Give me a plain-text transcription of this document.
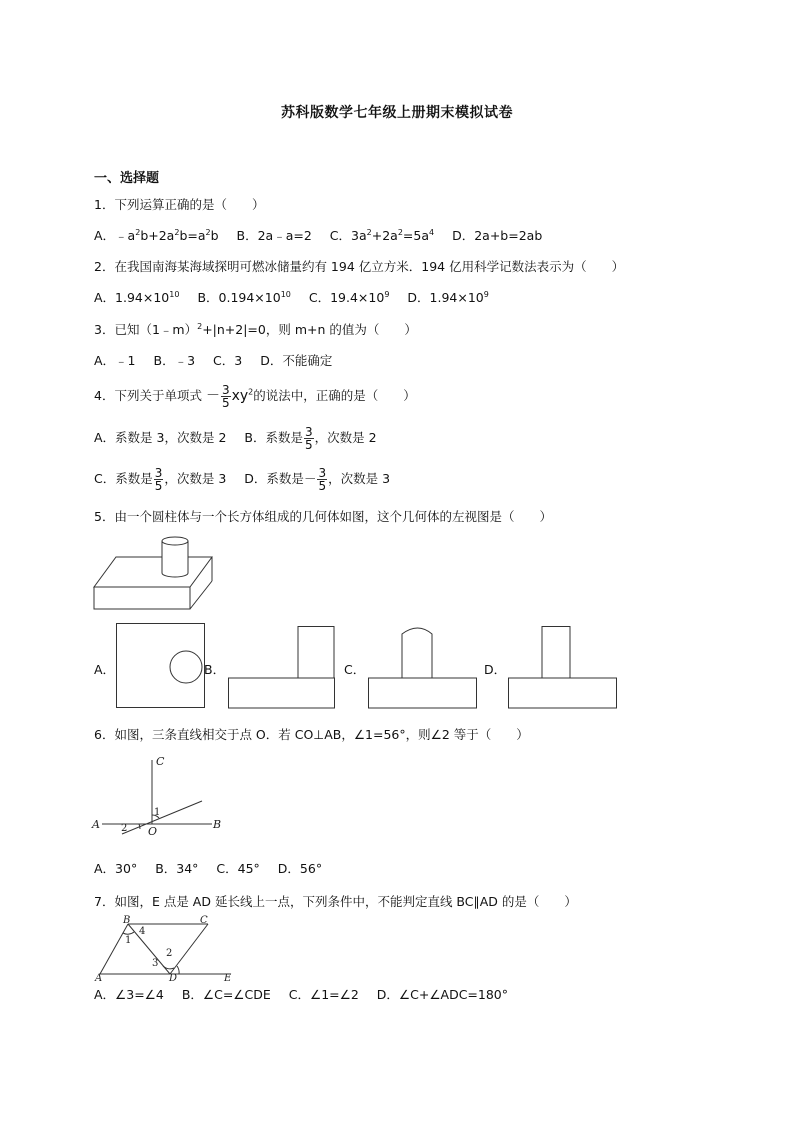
苏科版数学七年级上册期末模拟试卷
一、选择题
1．下列运算正确的是（　　）
A．$﹣a^2b+2a^2b=a^2b$ B．2a﹣a=2 C．$3a^2+2a^2=5a^4$ D．2a+b=2ab
2．在我国南海某海域探明可燃冰储量约有 194 亿立方米．194 亿用科学记数法表示为（　　）
A．$1.94\times 10^{10}$ B．$0.194\times 10^{10}$ C．$19.4\times 10^9$ D．$1.94\times 10^9$
3．已知（1﹣m）$^2$+|n+2|=0，则 m+n 的值为（　　）
A．﹣1 B．﹣3 C．3 D．不能确定
4．下列关于单项式 － $\frac{3}{5} xy^2$的说法中，正确的是（　　）
A．系数是 3，次数是 2 B．系数是 $\frac{3}{5}$ ，次数是 2
C．系数是 $\frac{3}{5}$ ，次数是 3 D．系数是－ $\frac{3}{5}$ ，次数是 3
5．由一个圆柱体与一个长方体组成的几何体如图，这个几何体的左视图是（　　）
A．	B．	C．	D．
6．如图，三条直线相交于点 O．若 CO⊥AB，∠1=56°，则∠2 等于（　　）
C
A	B
O
1
2
A．30° B．34° C．45° D．56°
7．如图，E 点是 AD 延长线上一点，下列条件中，不能判定直线 BC∥AD 的是（　　）
B	C
A	D	E
1
4
2
3
A．∠3=∠4 B．∠C=∠CDE C．∠1=∠2 D．∠C+∠ADC=180°
